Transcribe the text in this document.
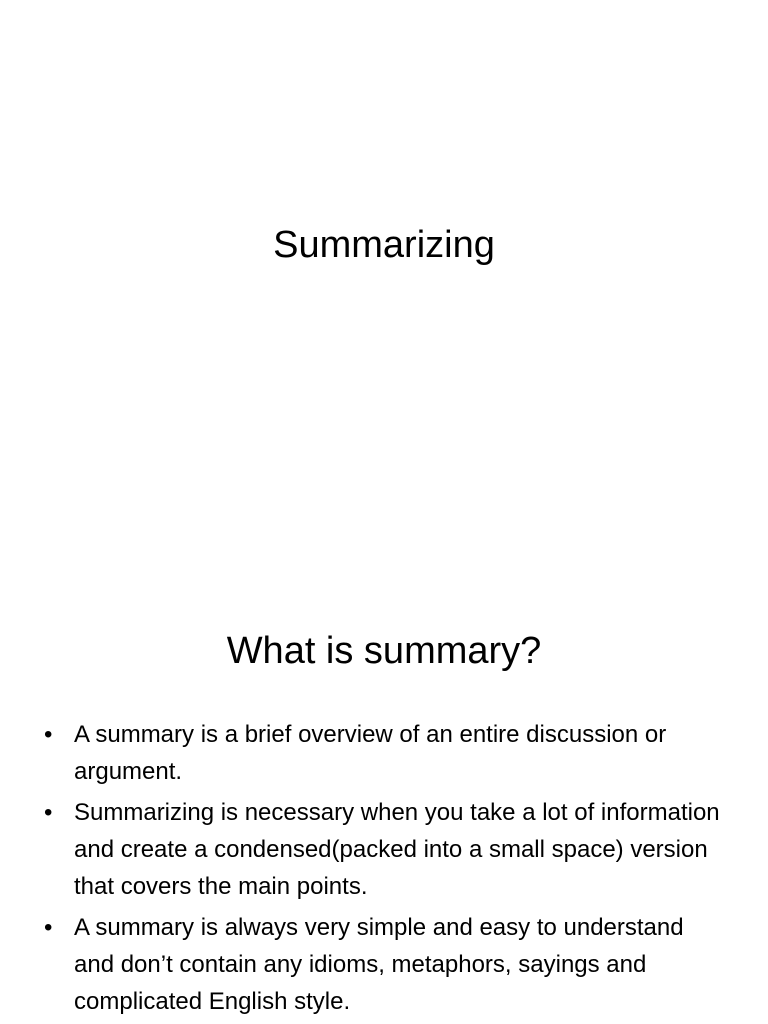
Summarizing
What is summary?
• A summary is a brief overview of an entire discussion or argument.
• Summarizing is necessary when you take a lot of information and create a condensed(packed into a small space) version that covers the main points.
• A summary is always very simple and easy to understand and don’t contain any idioms, metaphors, sayings and complicated English style.
